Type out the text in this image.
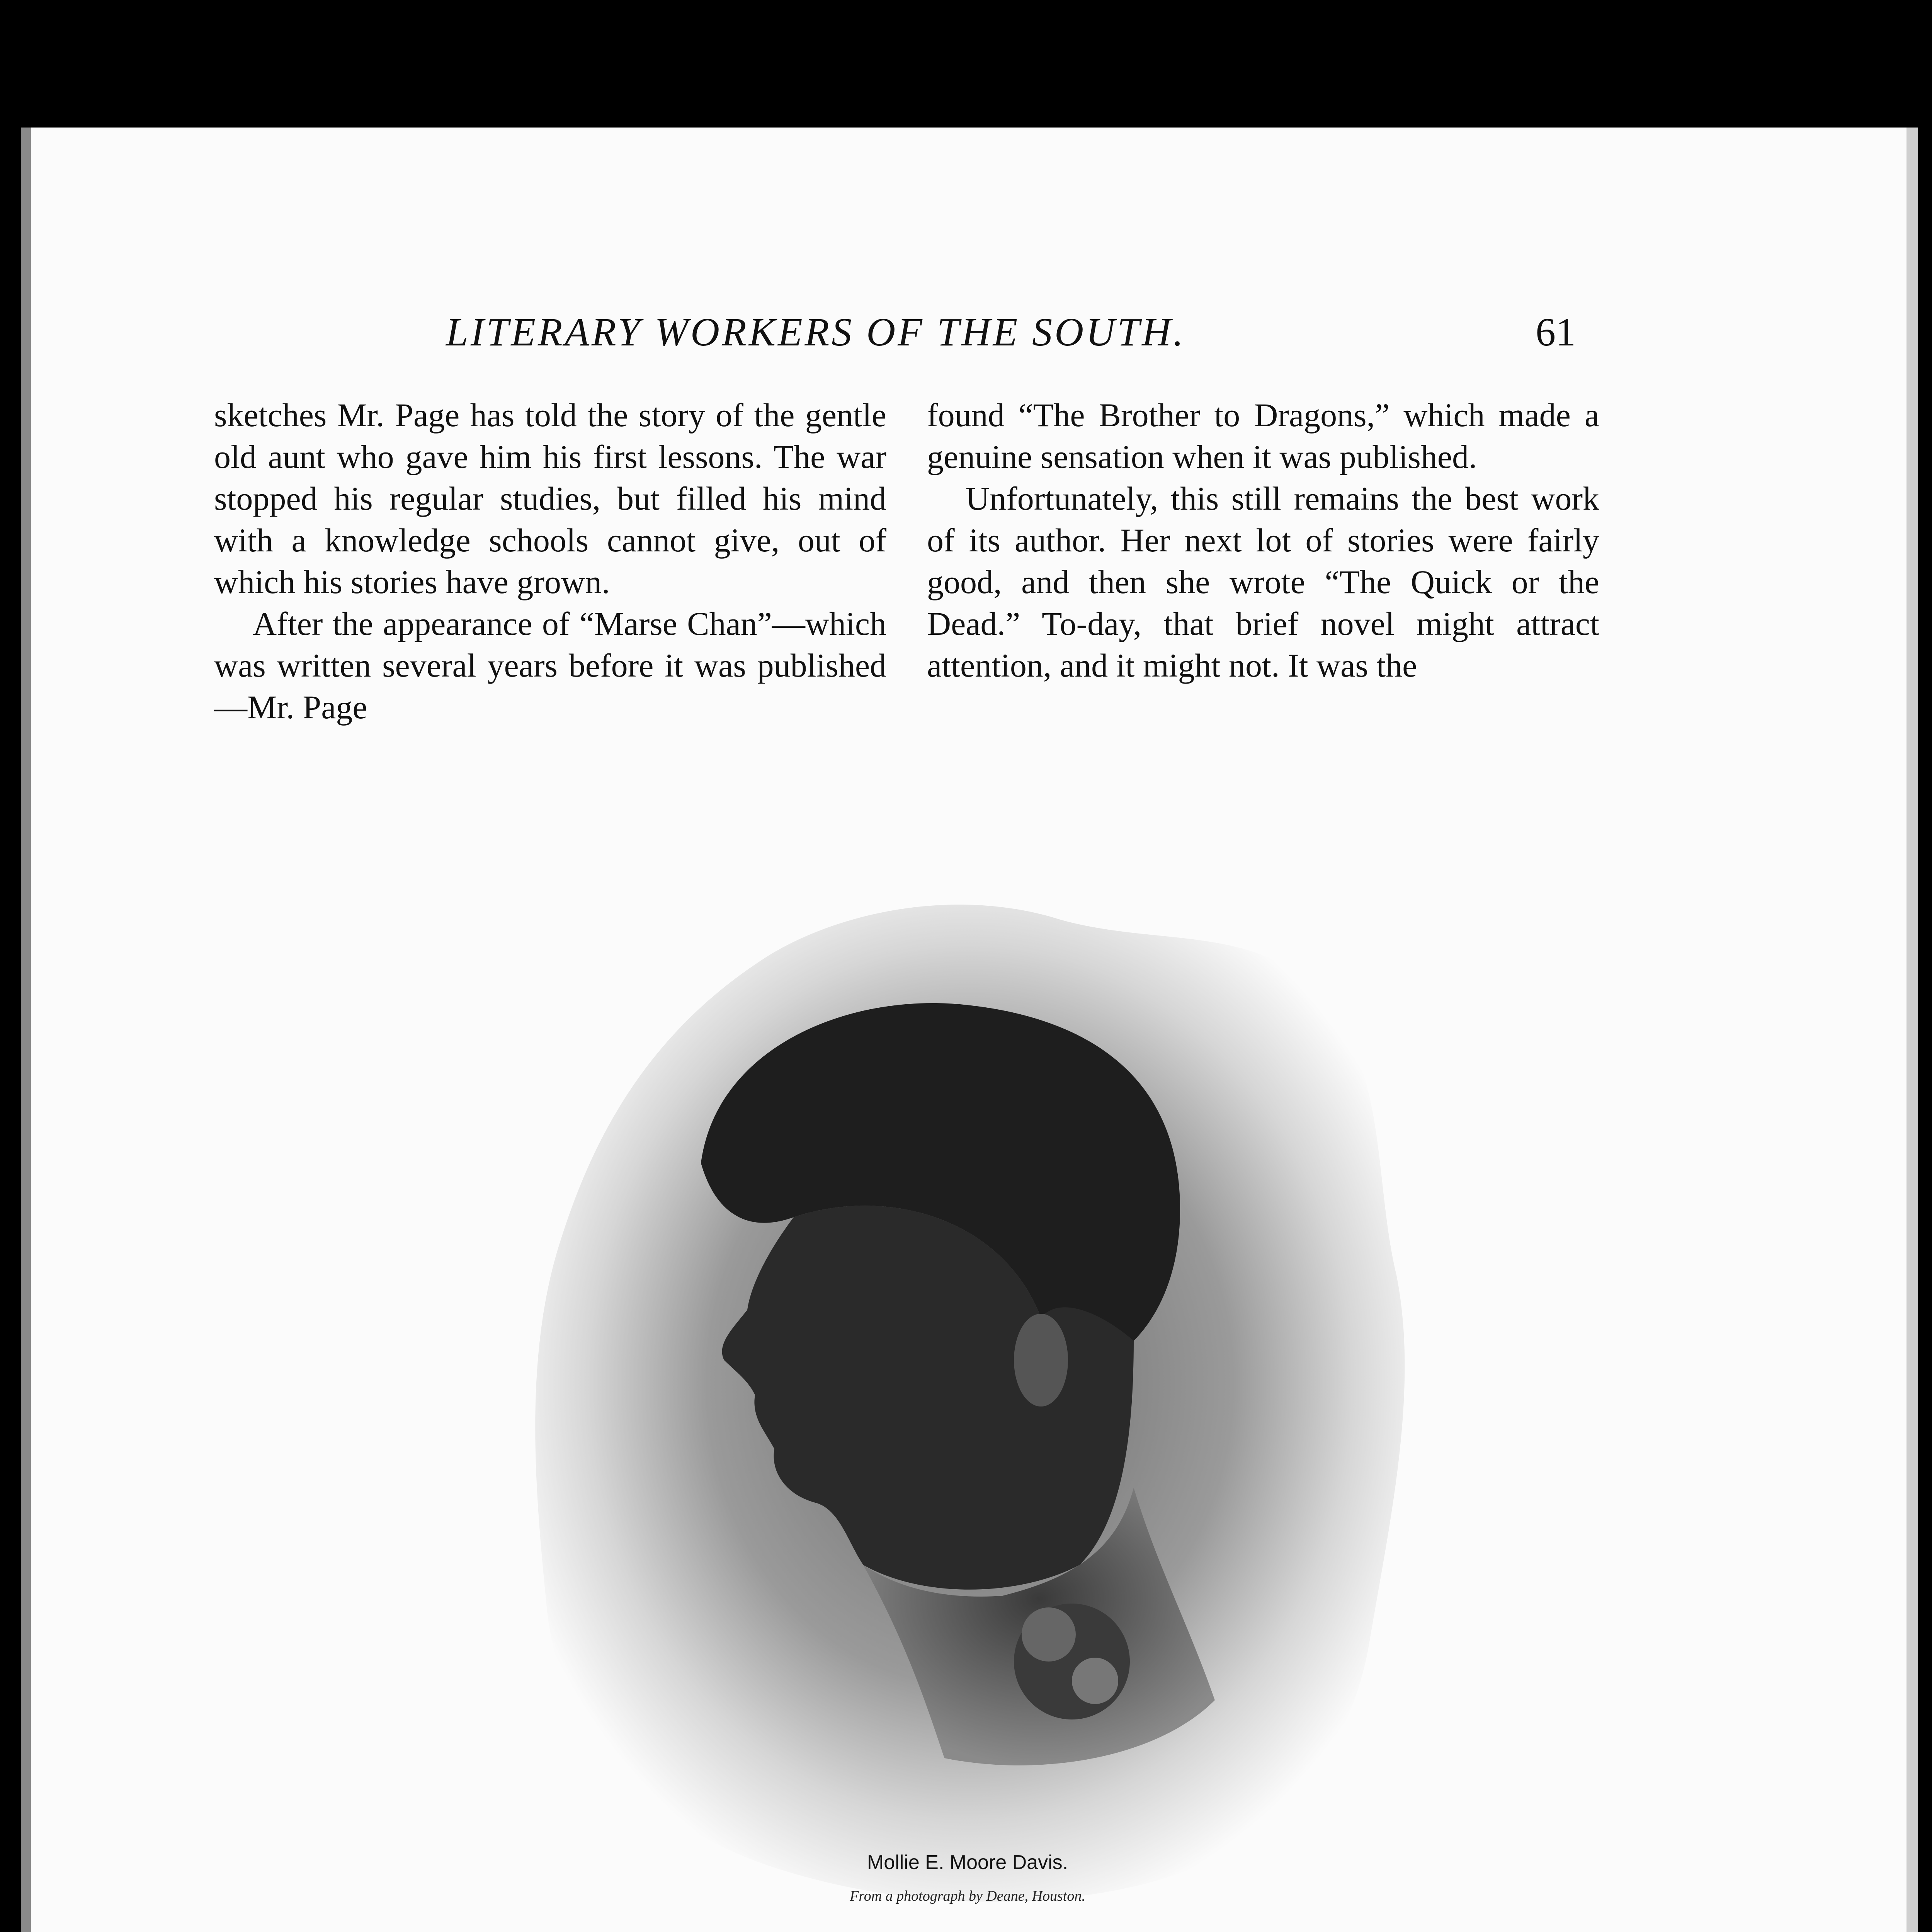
LITERARY WORKERS OF THE SOUTH.	61

sketches Mr. Page has told the story of the gentle old aunt who gave him his first lessons. The war stopped his regular studies, but filled his mind with a knowledge schools cannot give, out of which his stories have grown.

After the appearance of “Marse Chan”—which was written several years before it was published—Mr. Page

found “The Brother to Dragons,” which made a genuine sensation when it was published.

Unfortunately, this still remains the best work of its author. Her next lot of stories were fairly good, and then she wrote “The Quick or the Dead.” To-day, that brief novel might attract attention, and it might not. It was the

Mollie E. Moore Davis.
From a photograph by Deane, Houston.
